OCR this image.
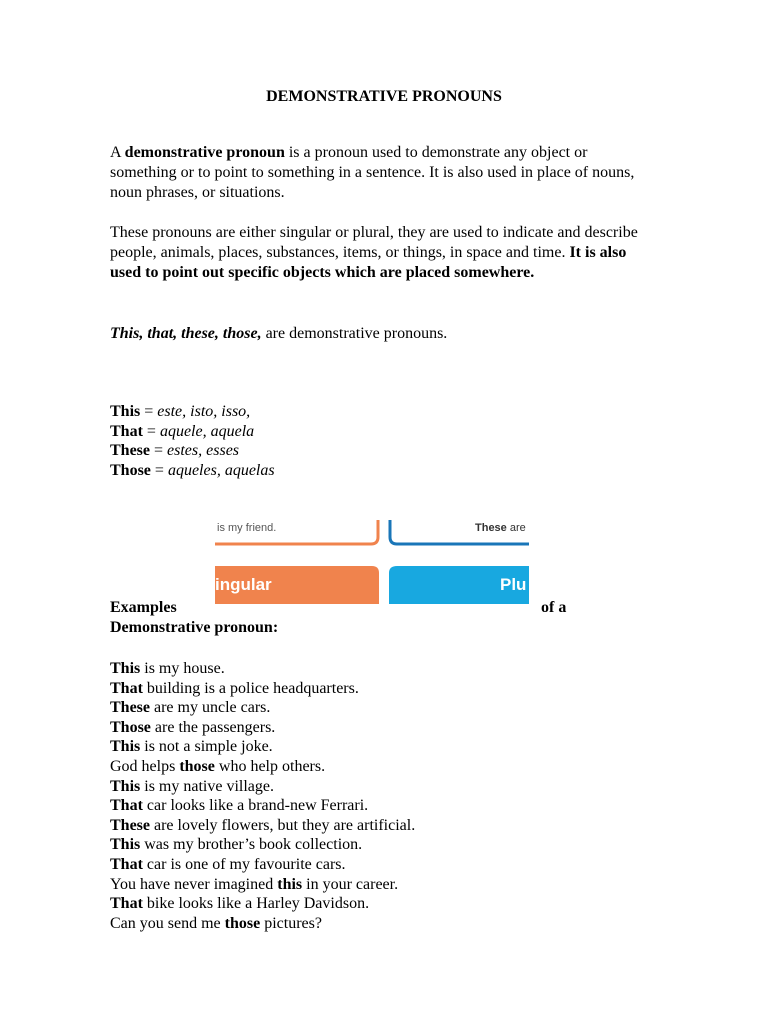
DEMONSTRATIVE PRONOUNS

A demonstrative pronoun is a pronoun used to demonstrate any object or something or to point to something in a sentence. It is also used in place of nouns, noun phrases, or situations.

These pronouns are either singular or plural, they are used to indicate and describe people, animals, places, substances, items, or things, in space and time. It is also used to point out specific objects which are placed somewhere.

This, that, these, those, are demonstrative pronouns.

This = este, isto, isso,
That = aquele, aquela
These = estes, esses
Those = aqueles, aquelas
is my friend.	These are
ingular	Plu
Examples
Demonstrative pronoun:
of a
This is my house.
That building is a police headquarters.
These are my uncle cars.
Those are the passengers.
This is not a simple joke.
God helps those who help others.
This is my native village.
That car looks like a brand-new Ferrari.
These are lovely flowers, but they are artificial.
This was my brother’s book collection.
That car is one of my favourite cars.
You have never imagined this in your career.
That bike looks like a Harley Davidson.
Can you send me those pictures?
